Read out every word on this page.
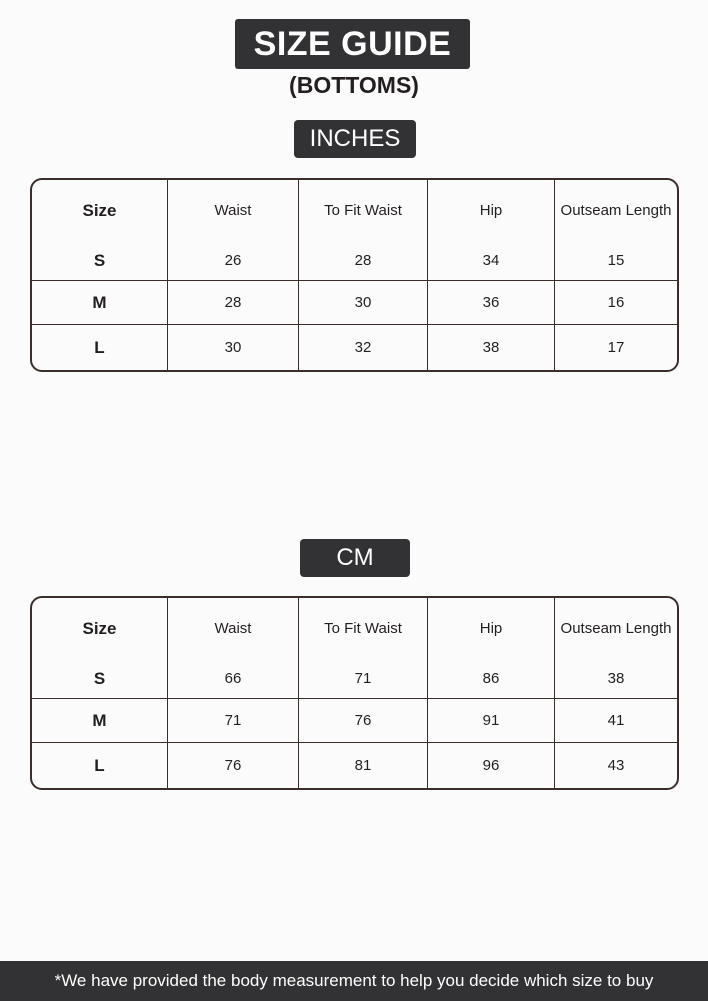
SIZE GUIDE
(BOTTOMS)
INCHES
Size	Waist	To Fit Waist	Hip	Outseam Length
S	26	28	34	15
M	28	30	36	16
L	30	32	38	17
CM
Size	Waist	To Fit Waist	Hip	Outseam Length
S	66	71	86	38
M	71	76	91	41
L	76	81	96	43
*We have provided the body measurement to help you decide which size to buy
